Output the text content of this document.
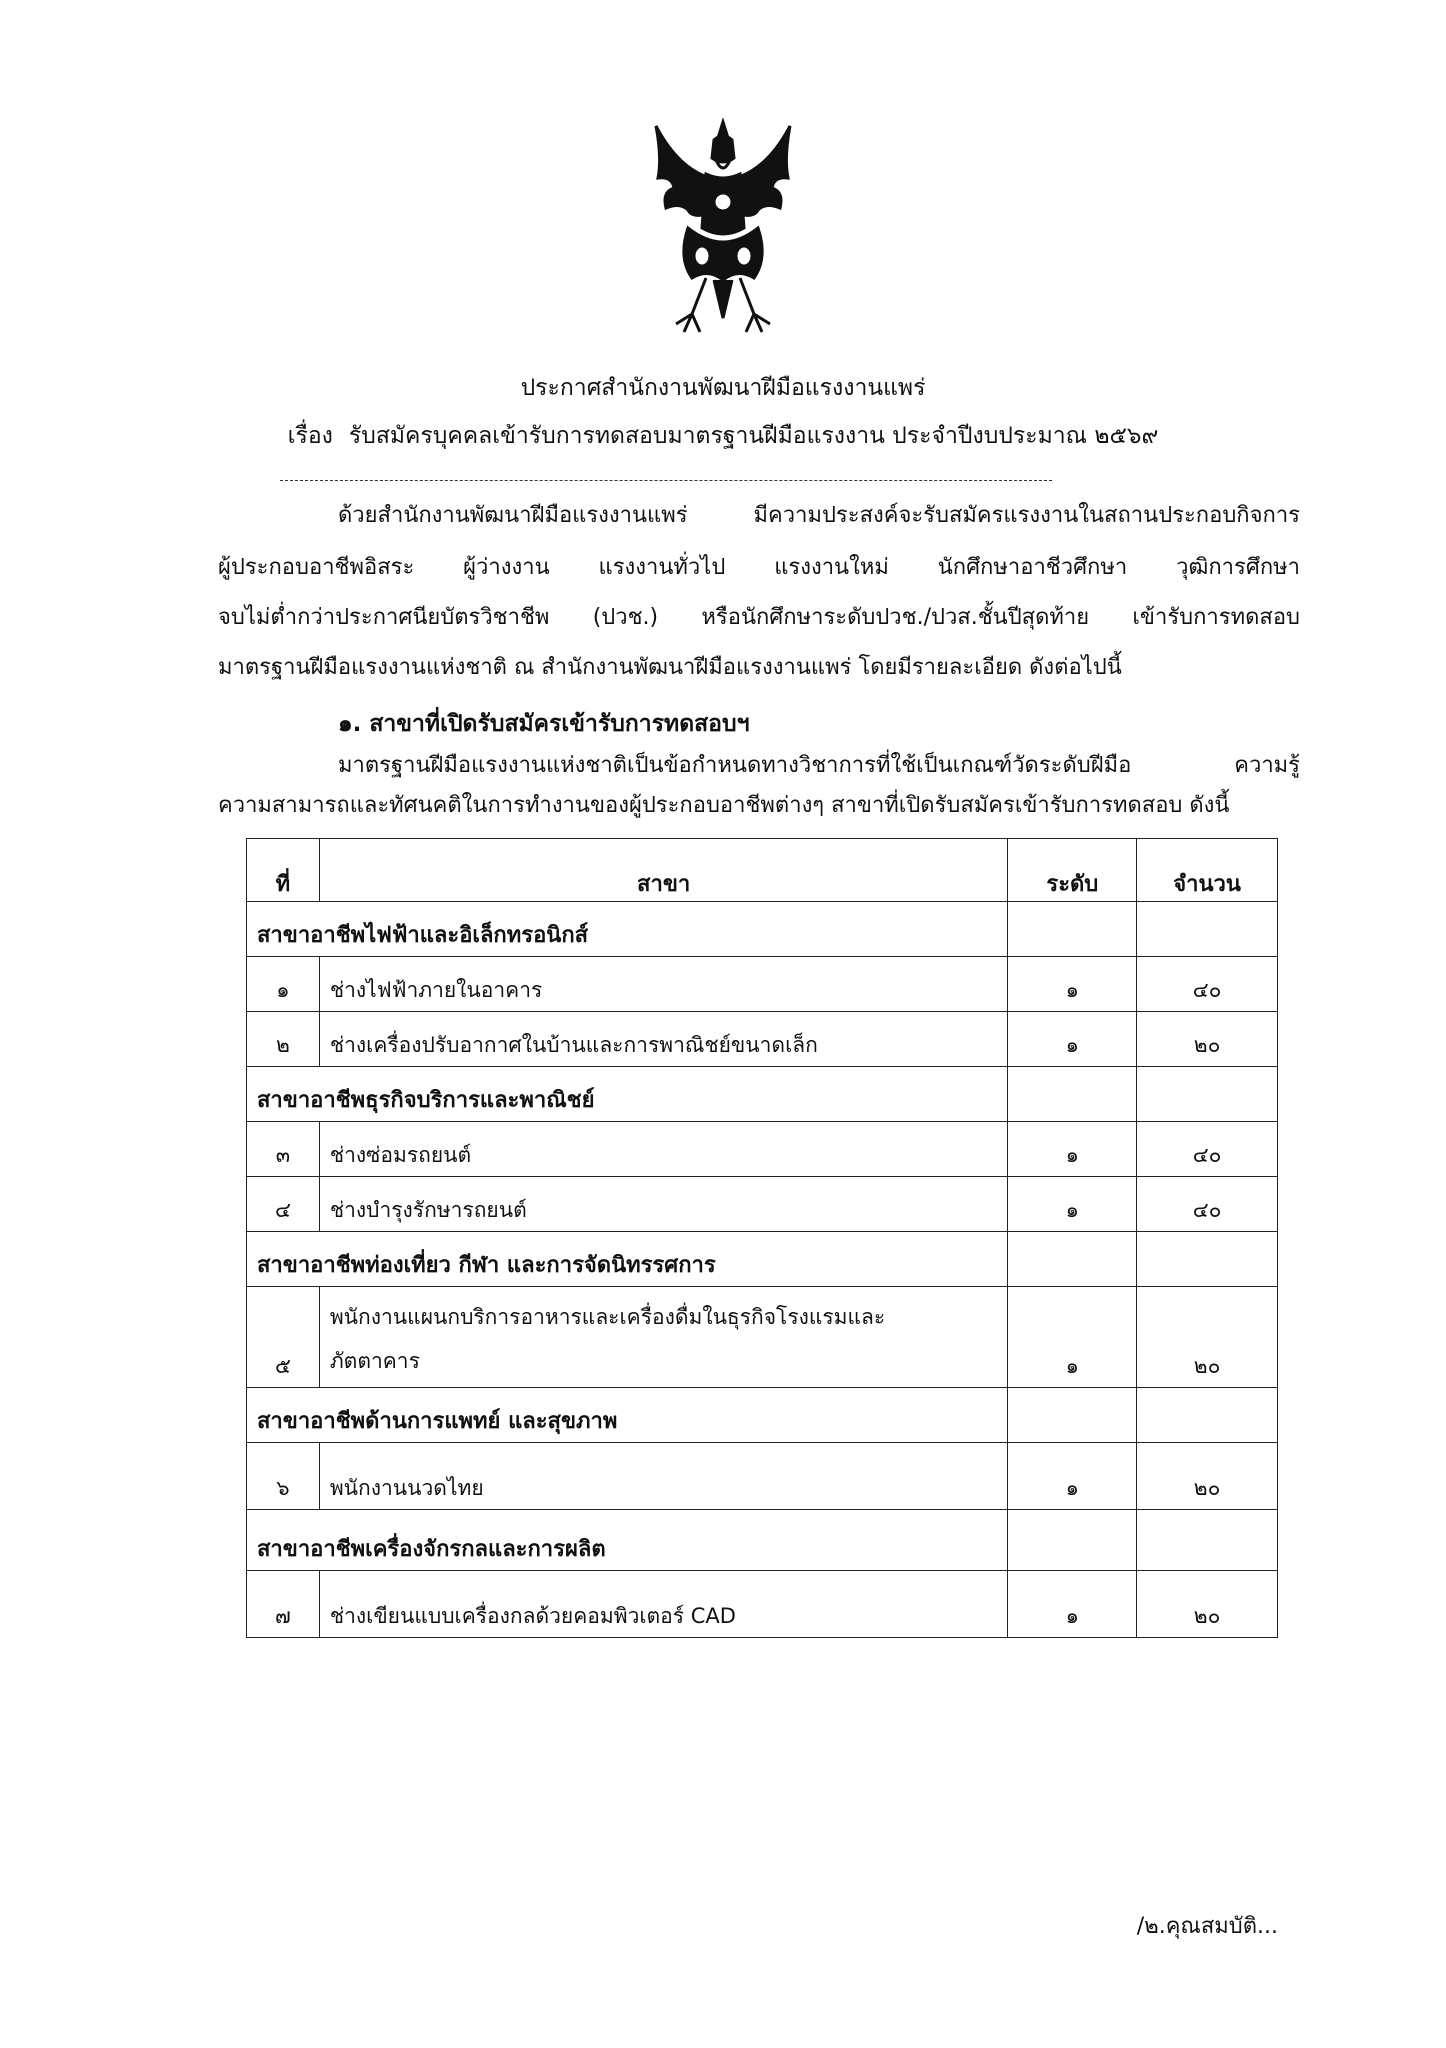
ประกาศสำนักงานพัฒนาฝีมือแรงงานแพร่
เรื่อง รับสมัครบุคคลเข้ารับการทดสอบมาตรฐานฝีมือแรงงาน ประจำปีงบประมาณ ๒๕๖๙
ด้วยสำนักงานพัฒนาฝีมือแรงงานแพร่ มีความประสงค์จะรับสมัครแรงงานในสถานประกอบกิจการ
ผู้ประกอบอาชีพอิสระ ผู้ว่างงาน แรงงานทั่วไป แรงงานใหม่ นักศึกษาอาชีวศึกษา วุฒิการศึกษา
จบไม่ต่ำกว่าประกาศนียบัตรวิชาชีพ (ปวช.) หรือนักศึกษาระดับปวช./ปวส.ชั้นปีสุดท้าย เข้ารับการทดสอบ
มาตรฐานฝีมือแรงงานแห่งชาติ ณ สำนักงานพัฒนาฝีมือแรงงานแพร่ โดยมีรายละเอียด ดังต่อไปนี้
๑. สาขาที่เปิดรับสมัครเข้ารับการทดสอบฯ
มาตรฐานฝีมือแรงงานแห่งชาติเป็นข้อกำหนดทางวิชาการที่ใช้เป็นเกณฑ์วัดระดับฝีมือ ความรู้
ความสามารถและทัศนคติในการทำงานของผู้ประกอบอาชีพต่างๆ สาขาที่เปิดรับสมัครเข้ารับการทดสอบ ดังนี้
ที่	สาขา	ระดับ	จำนวน
สาขาอาชีพไฟฟ้าและอิเล็กทรอนิกส์			
๑	ช่างไฟฟ้าภายในอาคาร	๑	๔๐
๒	ช่างเครื่องปรับอากาศในบ้านและการพาณิชย์ขนาดเล็ก	๑	๒๐
สาขาอาชีพธุรกิจบริการและพาณิชย์			
๓	ช่างซ่อมรถยนต์	๑	๔๐
๔	ช่างบำรุงรักษารถยนต์	๑	๔๐
สาขาอาชีพท่องเที่ยว กีฬา และการจัดนิทรรศการ			
๕	พนักงานแผนกบริการอาหารและเครื่องดื่มในธุรกิจโรงแรมและ
ภัตตาคาร	๑	๒๐
สาขาอาชีพด้านการแพทย์ และสุขภาพ			
๖	พนักงานนวดไทย	๑	๒๐
สาขาอาชีพเครื่องจักรกลและการผลิต			
๗	ช่างเขียนแบบเครื่องกลด้วยคอมพิวเตอร์ CAD	๑	๒๐
/๒.คุณสมบัติ...
